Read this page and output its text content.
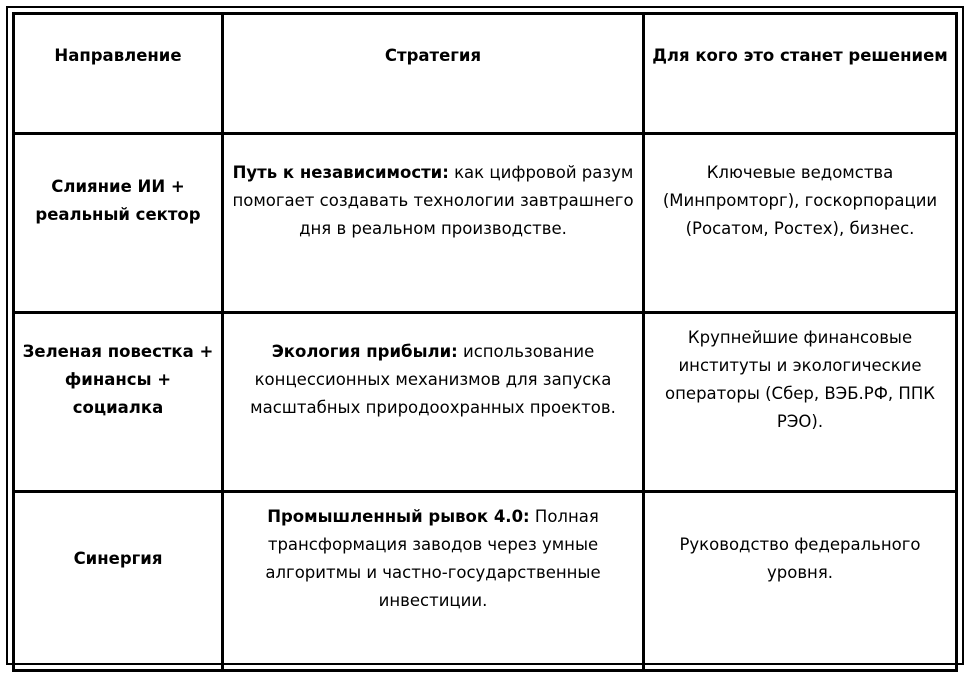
Направление	Стратегия	Для кого это станет решением
Слияние ИИ + реальный сектор	Путь к независимости: как цифровой разум помогает создавать технологии завтрашнего дня в реальном производстве.	Ключевые ведомства (Минпромторг), госкорпорации (Росатом, Ростех), бизнес.
Зеленая повестка + финансы + социалка	Экология прибыли: использование концессионных механизмов для запуска масштабных природоохранных проектов.	Крупнейшие финансовые институты и экологические операторы (Сбер, ВЭБ.РФ, ППК РЭО).
Синергия	Промышленный рывок 4.0: Полная трансформация заводов через умные алгоритмы и частно-государственные инвестиции.	Руководство федерального уровня.
